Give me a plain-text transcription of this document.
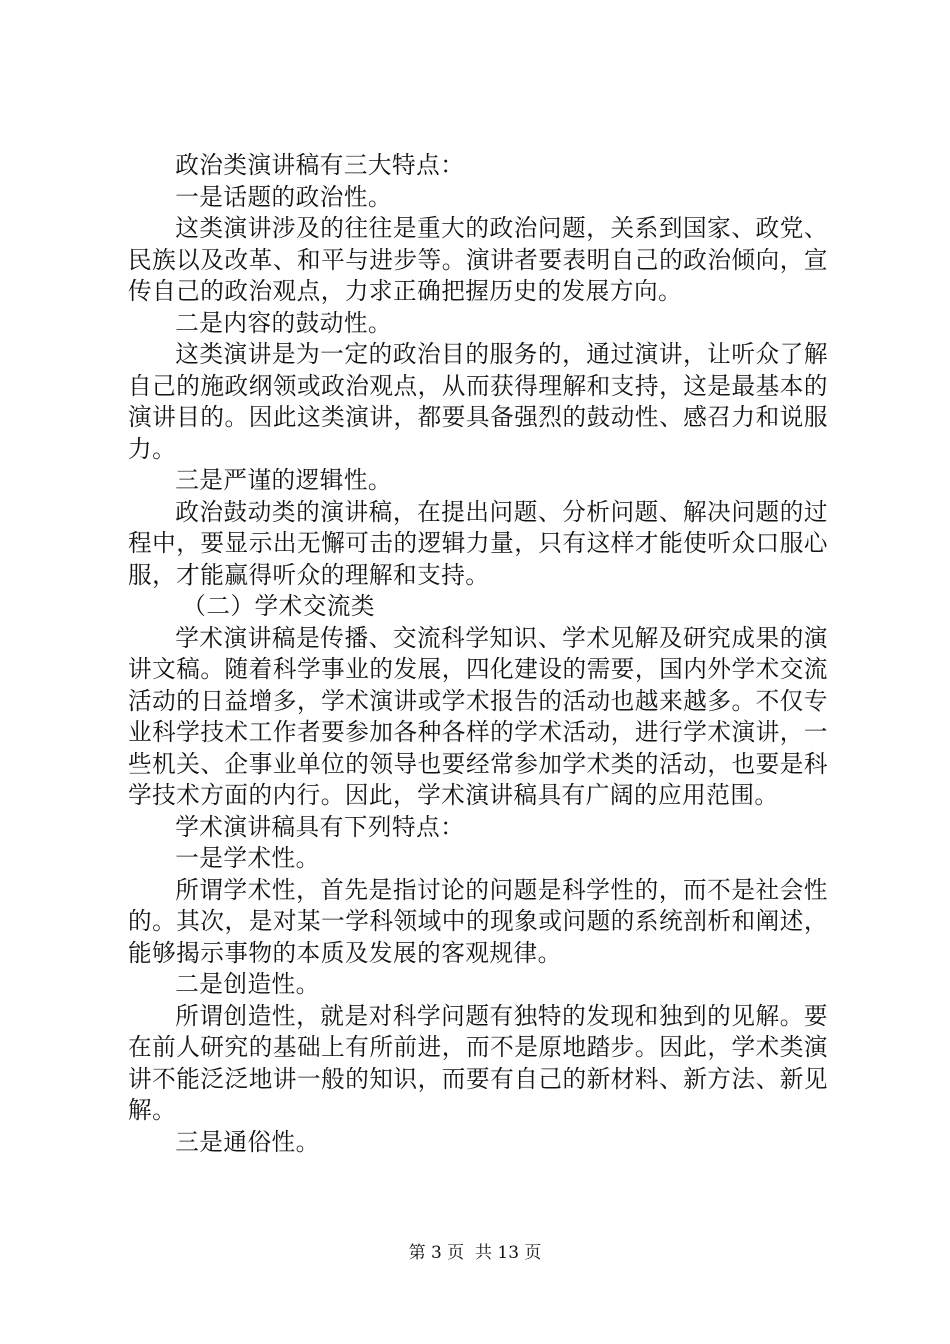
政治类演讲稿有三大特点：

一是话题的政治性。

这类演讲涉及的往往是重大的政治问题，关系到国家、政党、民族以及改革、和平与进步等。演讲者要表明自己的政治倾向，宣传自己的政治观点，力求正确把握历史的发展方向。

二是内容的鼓动性。

这类演讲是为一定的政治目的服务的，通过演讲，让听众了解自己的施政纲领或政治观点，从而获得理解和支持，这是最基本的演讲目的。因此这类演讲，都要具备强烈的鼓动性、感召力和说服力。

三是严谨的逻辑性。

政治鼓动类的演讲稿，在提出问题、分析问题、解决问题的过程中，要显示出无懈可击的逻辑力量，只有这样才能使听众口服心服，才能赢得听众的理解和支持。

（二）学术交流类

学术演讲稿是传播、交流科学知识、学术见解及研究成果的演讲文稿。随着科学事业的发展，四化建设的需要，国内外学术交流活动的日益增多，学术演讲或学术报告的活动也越来越多。不仅专业科学技术工作者要参加各种各样的学术活动，进行学术演讲，一些机关、企事业单位的领导也要经常参加学术类的活动，也要是科学技术方面的内行。因此，学术演讲稿具有广阔的应用范围。

学术演讲稿具有下列特点：

一是学术性。

所谓学术性，首先是指讨论的问题是科学性的，而不是社会性的。其次，是对某一学科领域中的现象或问题的系统剖析和阐述，能够揭示事物的本质及发展的客观规律。

二是创造性。

所谓创造性，就是对科学问题有独特的发现和独到的见解。要在前人研究的基础上有所前进，而不是原地踏步。因此，学术类演讲不能泛泛地讲一般的知识，而要有自己的新材料、新方法、新见解。

三是通俗性。

第 3 页  共 13 页
